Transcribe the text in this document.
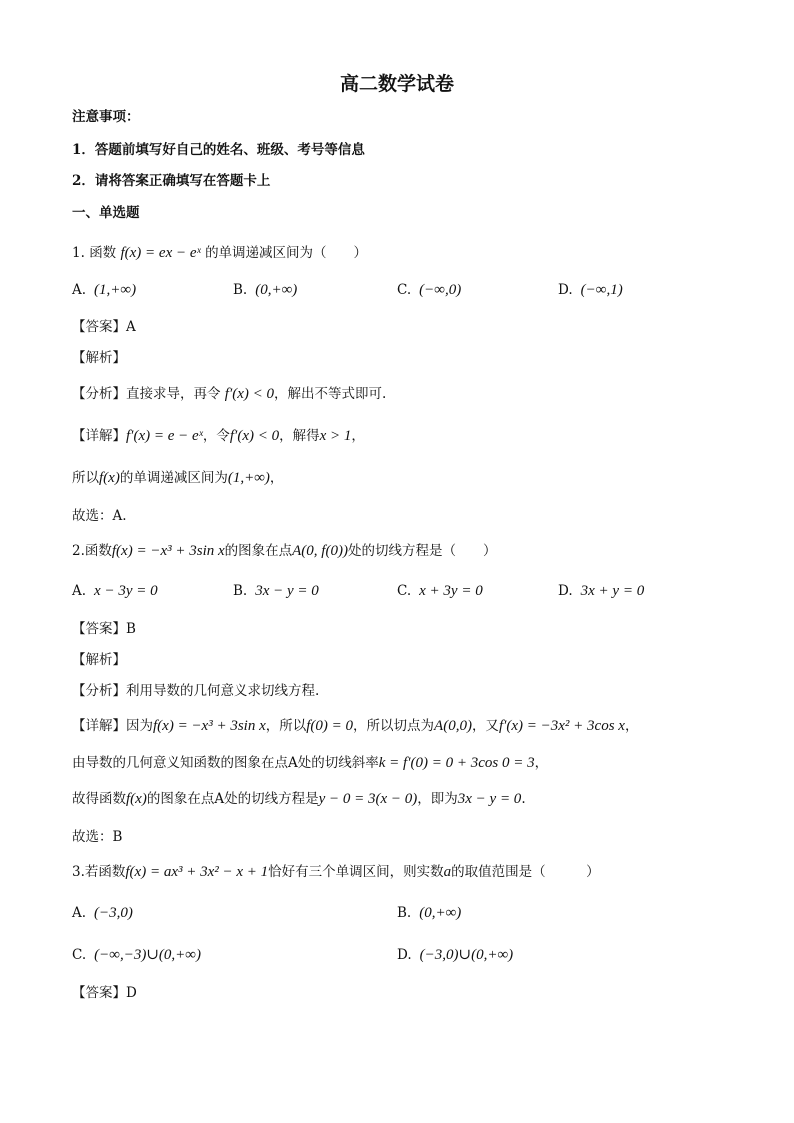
高二数学试卷
注意事项：
1．答题前填写好自己的姓名、班级、考号等信息
2．请将答案正确填写在答题卡上
一、单选题
1. 函数 f(x) = ex − eˣ 的单调递减区间为（　　）
A. (1,+∞)	B. (0,+∞)	C. (−∞,0)	D. (−∞,1)
【答案】A
【解析】
【分析】直接求导，再令 f′(x) < 0，解出不等式即可.
【详解】f′(x) = e − eˣ，令f′(x) < 0，解得x > 1，
所以f(x)的单调递减区间为(1,+∞)，
故选：A.
2.函数f(x) = −x³ + 3sin x的图象在点A(0, f(0))处的切线方程是（　　）
A. x − 3y = 0	B. 3x − y = 0	C. x + 3y = 0	D. 3x + y = 0
【答案】B
【解析】
【分析】利用导数的几何意义求切线方程.
【详解】因为f(x) = −x³ + 3sin x，所以f(0) = 0，所以切点为A(0,0)，又f′(x) = −3x² + 3cos x，
由导数的几何意义知函数的图象在点A处的切线斜率k = f′(0) = 0 + 3cos 0 = 3，
故得函数f(x)的图象在点A处的切线方程是y − 0 = 3(x − 0)，即为3x − y = 0.
故选：B
3.若函数f(x) = ax³ + 3x² − x + 1恰好有三个单调区间，则实数a的取值范围是（　　　）
A. (−3,0)	B. (0,+∞)
C. (−∞,−3)∪(0,+∞)	D. (−3,0)∪(0,+∞)
【答案】D
